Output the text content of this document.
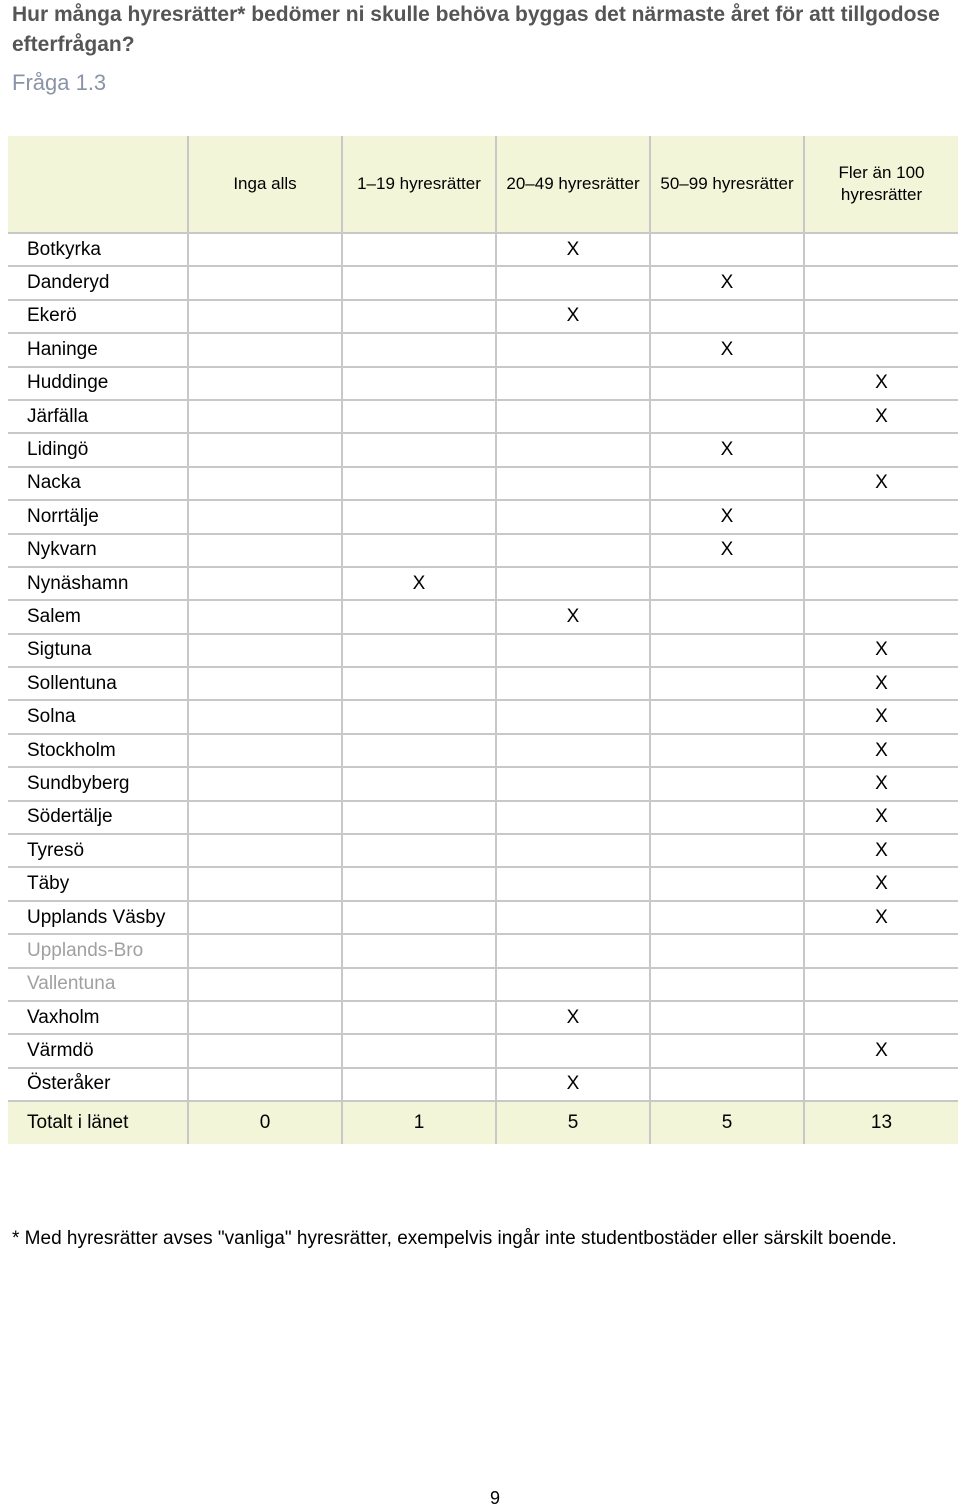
Hur många hyresrätter* bedömer ni skulle behöva byggas det närmaste året för att tillgodose efterfrågan?
Fråga 1.3
	Inga alls	1–19 hyresrätter	20–49 hyresrätter	50–99 hyresrätter	Fler än 100 hyresrätter
Botkyrka			X		
Danderyd				X	
Ekerö			X		
Haninge				X	
Huddinge					X
Järfälla					X
Lidingö				X	
Nacka					X
Norrtälje				X	
Nykvarn				X	
Nynäshamn		X			
Salem			X		
Sigtuna					X
Sollentuna					X
Solna					X
Stockholm					X
Sundbyberg					X
Södertälje					X
Tyresö					X
Täby					X
Upplands Väsby					X
Upplands-Bro					
Vallentuna					
Vaxholm			X		
Värmdö					X
Österåker			X		
Totalt i länet	0	1	5	5	13
* Med hyresrätter avses "vanliga" hyresrätter, exempelvis ingår inte studentbostäder eller särskilt boende.
9
